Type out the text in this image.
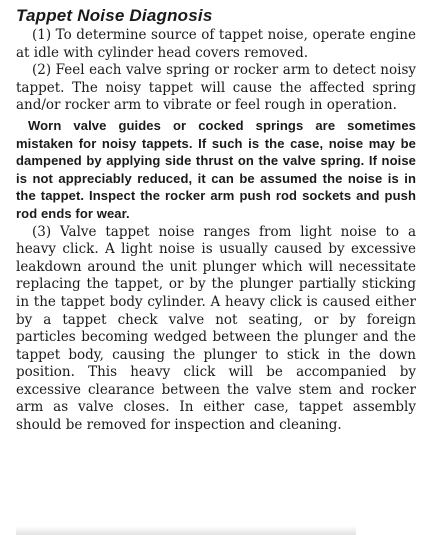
Tappet Noise Diagnosis

(1) To determine source of tappet noise, operate engine at idle with cylinder head covers removed.

(2) Feel each valve spring or rocker arm to detect noisy tappet. The noisy tappet will cause the affected spring and/or rocker arm to vibrate or feel rough in operation.

Worn valve guides or cocked springs are sometimes mistaken for noisy tappets. If such is the case, noise may be dampened by applying side thrust on the valve spring. If noise is not appreciably reduced, it can be assumed the noise is in the tappet. Inspect the rocker arm push rod sockets and push rod ends for wear.

(3) Valve tappet noise ranges from light noise to a heavy click. A light noise is usually caused by excessive leakdown around the unit plunger which will necessitate replacing the tappet, or by the plunger partially sticking in the tappet body cylinder. A heavy click is caused either by a tappet check valve not seating, or by foreign particles becoming wedged between the plunger and the tappet body, causing the plunger to stick in the down position. This heavy click will be accompanied by excessive clearance between the valve stem and rocker arm as valve closes. In either case, tappet assembly should be removed for inspection and cleaning.
